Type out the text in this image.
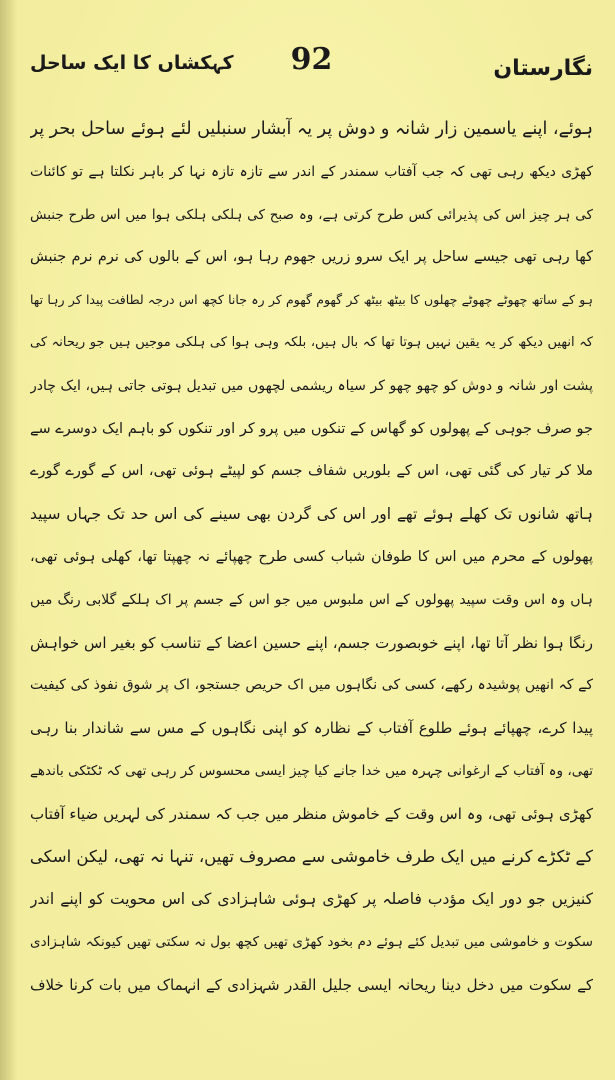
نگارستان
92
کہکشاں کا ایک ساحل
ہوئے، اپنے یاسمین زار شانہ و دوش پر یہ آبشار سنبلیں لئے ہوئے ساحل بحر پر
کھڑی دیکھ رہی تھی کہ جب آفتاب سمندر کے اندر سے تازہ تازہ نہا کر باہر نکلتا ہے تو کائنات
کی ہر چیز اس کی پذیرائی کس طرح کرتی ہے، وہ صبح کی ہلکی ہلکی ہوا میں اس طرح جنبش
کھا رہی تھی جیسے ساحل پر ایک سرو زریں جھوم رہا ہو، اس کے بالوں کی نرم نرم جنبش
ہو کے ساتھ چھوٹے چھوٹے چھلوں کا بیٹھ بیٹھ کر گھوم گھوم کر رہ جانا کچھ اس درجہ لطافت پیدا کر رہا تھا
کہ انھیں دیکھ کر یہ یقین نہیں ہوتا تھا کہ بال ہیں، بلکہ وہی ہوا کی ہلکی موجیں ہیں جو ریحانہ کی
پشت اور شانہ و دوش کو چھو چھو کر سیاہ ریشمی لچھوں میں تبدیل ہوتی جاتی ہیں، ایک چادر
جو صرف جوہی کے پھولوں کو گھاس کے تنکوں میں پرو کر اور تنکوں کو باہم ایک دوسرے سے
ملا کر تیار کی گئی تھی، اس کے بلوریں شفاف جسم کو لپیٹے ہوئی تھی، اس کے گورے گورے
ہاتھ شانوں تک کھلے ہوئے تھے اور اس کی گردن بھی سینے کی اس حد تک جہاں سپید
پھولوں کے محرم میں اس کا طوفان شباب کسی طرح چھپائے نہ چھپتا تھا، کھلی ہوئی تھی،
ہاں وہ اس وقت سپید پھولوں کے اس ملبوس میں جو اس کے جسم پر اک ہلکے گلابی رنگ میں
رنگا ہوا نظر آتا تھا، اپنے خوبصورت جسم، اپنے حسین اعضا کے تناسب کو بغیر اس خواہش
کے کہ انھیں پوشیدہ رکھے، کسی کی نگاہوں میں اک حریص جستجو، اک پر شوق نفوذ کی کیفیت
پیدا کرے، چھپائے ہوئے طلوع آفتاب کے نظارہ کو اپنی نگاہوں کے مس سے شاندار بنا رہی
تھی، وہ آفتاب کے ارغوانی چہرہ میں خدا جانے کیا چیز ایسی محسوس کر رہی تھی کہ ٹکٹکی باندھے
کھڑی ہوئی تھی، وہ اس وقت کے خاموش منظر میں جب کہ سمندر کی لہریں ضیاء آفتاب
کے ٹکڑے کرنے میں ایک طرف خاموشی سے مصروف تھیں، تنہا نہ تھی، لیکن اسکی
کنیزیں جو دور ایک مؤدب فاصلہ پر کھڑی ہوئی شاہزادی کی اس محویت کو اپنے اندر
سکوت و خاموشی میں تبدیل کئے ہوئے دم بخود کھڑی تھیں کچھ بول نہ سکتی تھیں کیونکہ شاہزادی
کے سکوت میں دخل دینا ریحانہ ایسی جلیل القدر شہزادی کے انہماک میں بات کرنا خلاف
